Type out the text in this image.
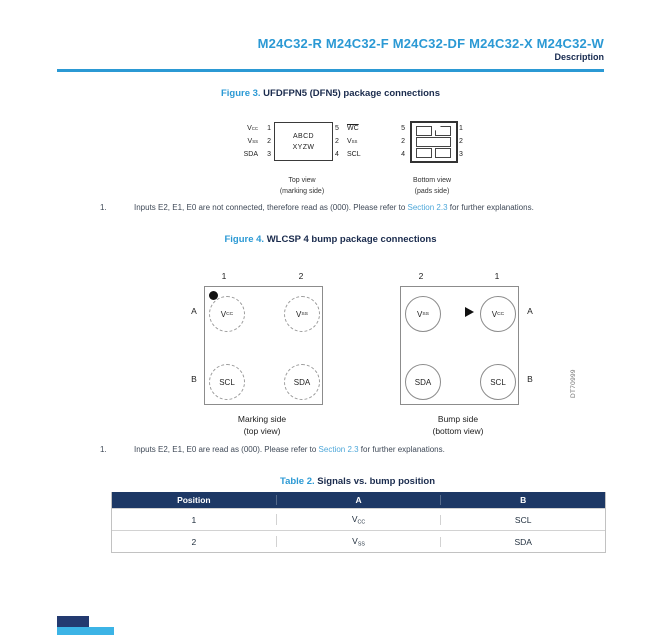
M24C32-R M24C32-F M24C32-DF M24C32-X M24C32-W
Description
Figure 3. UFDFPN5 (DFN5) package connections
V CC	1
V SS	2
SDA	3
ABCD
XYZW
5	$\overline{WC}$
2	V SS
4	SCL
Top view
(marking side)
5
2
4
1
2
3
Bottom view
(pads side)
1.	Inputs E2, E1, E0 are not connected, therefore read as (000). Please refer to Section 2.3 for further explanations.
Figure 4. WLCSP 4 bump package connections
1	2
A
B
V CC	V SS
SCL	SDA
Marking side
(top view)
2	1
A
B
V SS	V CC
SDA	SCL
Bump side
(bottom view)
DT70999
1.	Inputs E2, E1, E0 are read as (000). Please refer to Section 2.3 for further explanations.
Table 2. Signals vs. bump position
Position	A	B
1	$V_{CC}$	SCL
2	$V_{SS}$	SDA
